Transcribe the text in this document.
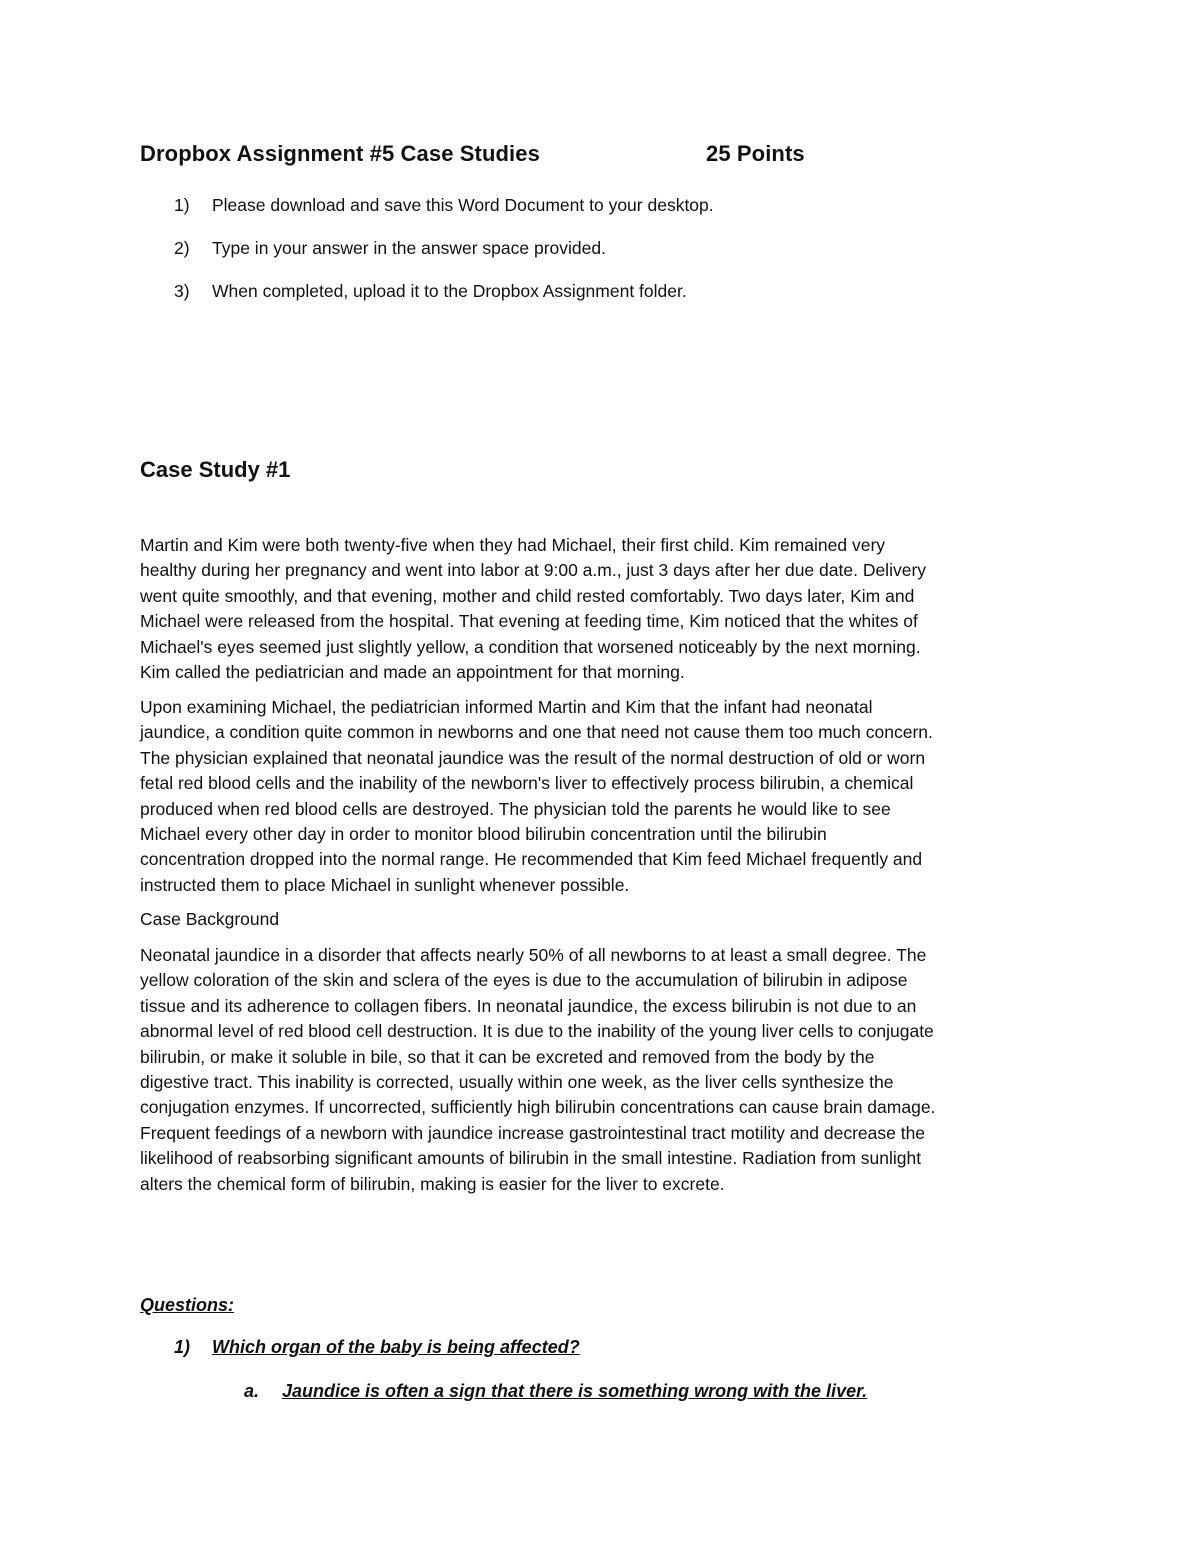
Dropbox Assignment #5 Case Studies	25 Points
1) Please download and save this Word Document to your desktop.
2) Type in your answer in the answer space provided.
3) When completed, upload it to the Dropbox Assignment folder.
Case Study #1

Martin and Kim were both twenty-five when they had Michael, their first child. Kim remained very
healthy during her pregnancy and went into labor at 9:00 a.m., just 3 days after her due date. Delivery
went quite smoothly, and that evening, mother and child rested comfortably. Two days later, Kim and
Michael were released from the hospital. That evening at feeding time, Kim noticed that the whites of
Michael's eyes seemed just slightly yellow, a condition that worsened noticeably by the next morning.
Kim called the pediatrician and made an appointment for that morning.

Upon examining Michael, the pediatrician informed Martin and Kim that the infant had neonatal
jaundice, a condition quite common in newborns and one that need not cause them too much concern.
The physician explained that neonatal jaundice was the result of the normal destruction of old or worn
fetal red blood cells and the inability of the newborn's liver to effectively process bilirubin, a chemical
produced when red blood cells are destroyed. The physician told the parents he would like to see
Michael every other day in order to monitor blood bilirubin concentration until the bilirubin
concentration dropped into the normal range. He recommended that Kim feed Michael frequently and
instructed them to place Michael in sunlight whenever possible.

Case Background

Neonatal jaundice in a disorder that affects nearly 50% of all newborns to at least a small degree. The
yellow coloration of the skin and sclera of the eyes is due to the accumulation of bilirubin in adipose
tissue and its adherence to collagen fibers. In neonatal jaundice, the excess bilirubin is not due to an
abnormal level of red blood cell destruction. It is due to the inability of the young liver cells to conjugate
bilirubin, or make it soluble in bile, so that it can be excreted and removed from the body by the
digestive tract. This inability is corrected, usually within one week, as the liver cells synthesize the
conjugation enzymes. If uncorrected, sufficiently high bilirubin concentrations can cause brain damage.
Frequent feedings of a newborn with jaundice increase gastrointestinal tract motility and decrease the
likelihood of reabsorbing significant amounts of bilirubin in the small intestine. Radiation from sunlight
alters the chemical form of bilirubin, making is easier for the liver to excrete.

Questions:
1) Which organ of the baby is being affected?
a. Jaundice is often a sign that there is something wrong with the liver.
